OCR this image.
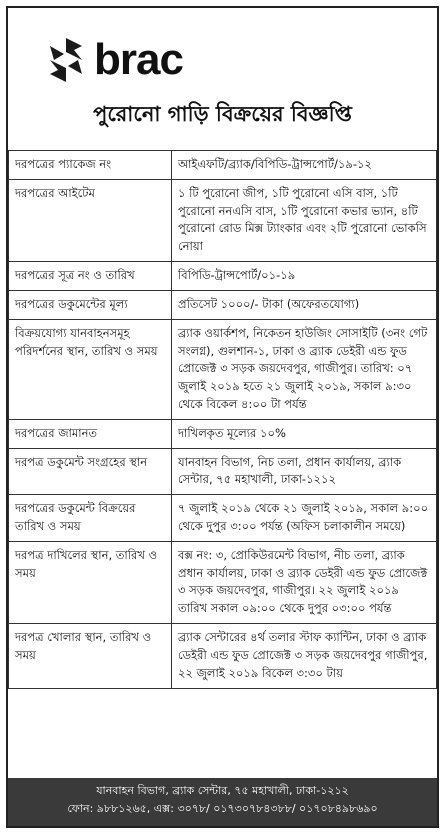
brac
পুরোনো গাড়ি বিক্রয়ের বিজ্ঞপ্তি
দরপত্রের প্যাকেজ নং	আইএফটি/ব্র্যাক/বিপিডি-ট্রান্সপোর্ট/১৯-১২
দরপত্রের আইটেম	১ টি পুরোনো জীপ, ১টি পুরোনো এসি বাস, ১টি পুরোনো ননএসি বাস, ১টি পুরোনো কভার ভ্যান, ৪টি পুরোনো রোড মিক্স ট্যাংকার এবং ২টি পুরোনো ভোকসি নোয়া
দরপত্রের সূত্র নং ও তারিখ	বিপিডি-ট্রান্সপোর্ট/০১-১৯
দরপত্রের ডকুমেন্টের মূল্য	প্রতিসেট ১০০০/- টাকা (অফেরতযোগ্য)
বিক্রয়যোগ্য যানবাহনসমূহ পরিদর্শনের স্থান, তারিখ ও সময়	ব্র্যাক ওয়ার্কশপ, নিকেতন হাউজিং সোসাইটি (৩নং গেট সংলগ্ন), গুলশান-১, ঢাকা ও ব্র্যাক ডেইরী এন্ড ফুড প্রোজেক্ট ৩ সড়ক জয়দেবপুর, গাজীপুর। তারিখ: ০৭ জুলাই ২০১৯ হতে ২১ জুলাই ২০১৯, সকাল ৯:৩০ থেকে বিকেল ৪:০০ টা পর্যন্ত
দরপত্রের জামানত	দাখিলকৃত মূল্যের ১০%
দরপত্র ডকুমেন্ট সংগ্রহের স্থান	যানবাহন বিভাগ, নিচ তলা, প্রধান কার্যালয়, ব্র্যাক সেন্টার, ৭৫ মহাখালী, ঢাকা-১২১২
দরপত্রের ডকুমেন্ট বিক্রয়ের তারিখ ও সময়	৭ জুলাই ২০১৯ থেকে ২১ জুলাই ২০১৯, সকাল ৯:০০ থেকে দুপুর ৩:০০ পর্যন্ত (অফিস চলাকালীন সময়ে)
দরপত্র দাখিলের স্থান, তারিখ ও সময়	বক্স নং: ৩, প্রোকিউরমেন্ট বিভাগ, নীচ তলা, ব্র্যাক প্রধান কার্যালয়, ঢাকা ও ব্র্যাক ডেইরী এন্ড ফুড প্রোজেক্ট ৩ সড়ক জয়দেবপুর, গাজীপুর। ২২ জুলাই ২০১৯ তারিখ সকাল ০৯:০০ থেকে দুপুর ০৩:০০ পর্যন্ত
দরপত্র খোলার স্থান, তারিখ ও সময়	ব্র্যাক সেন্টারের ৪র্থ তলার স্টাফ ক্যান্টিন, ঢাকা ও ব্র্যাক ডেইরী এন্ড ফুড প্রোজেক্ট ৩ সড়ক জয়দেবপুর গাজীপুর, ২২ জুলাই ২০১৯ বিকেল ৩:৩০ টায়
যানবাহন বিভাগ, ব্র্যাক সেন্টার, ৭৫ মহাখালী, ঢাকা-১২১২
ফোন: ৯৮৮১২৬৫, এক্স: ৩০৭৮/ ০১৭৩০৭৮৪৩৮৮/ ০১৭০৮৪৯৮৬৯০
